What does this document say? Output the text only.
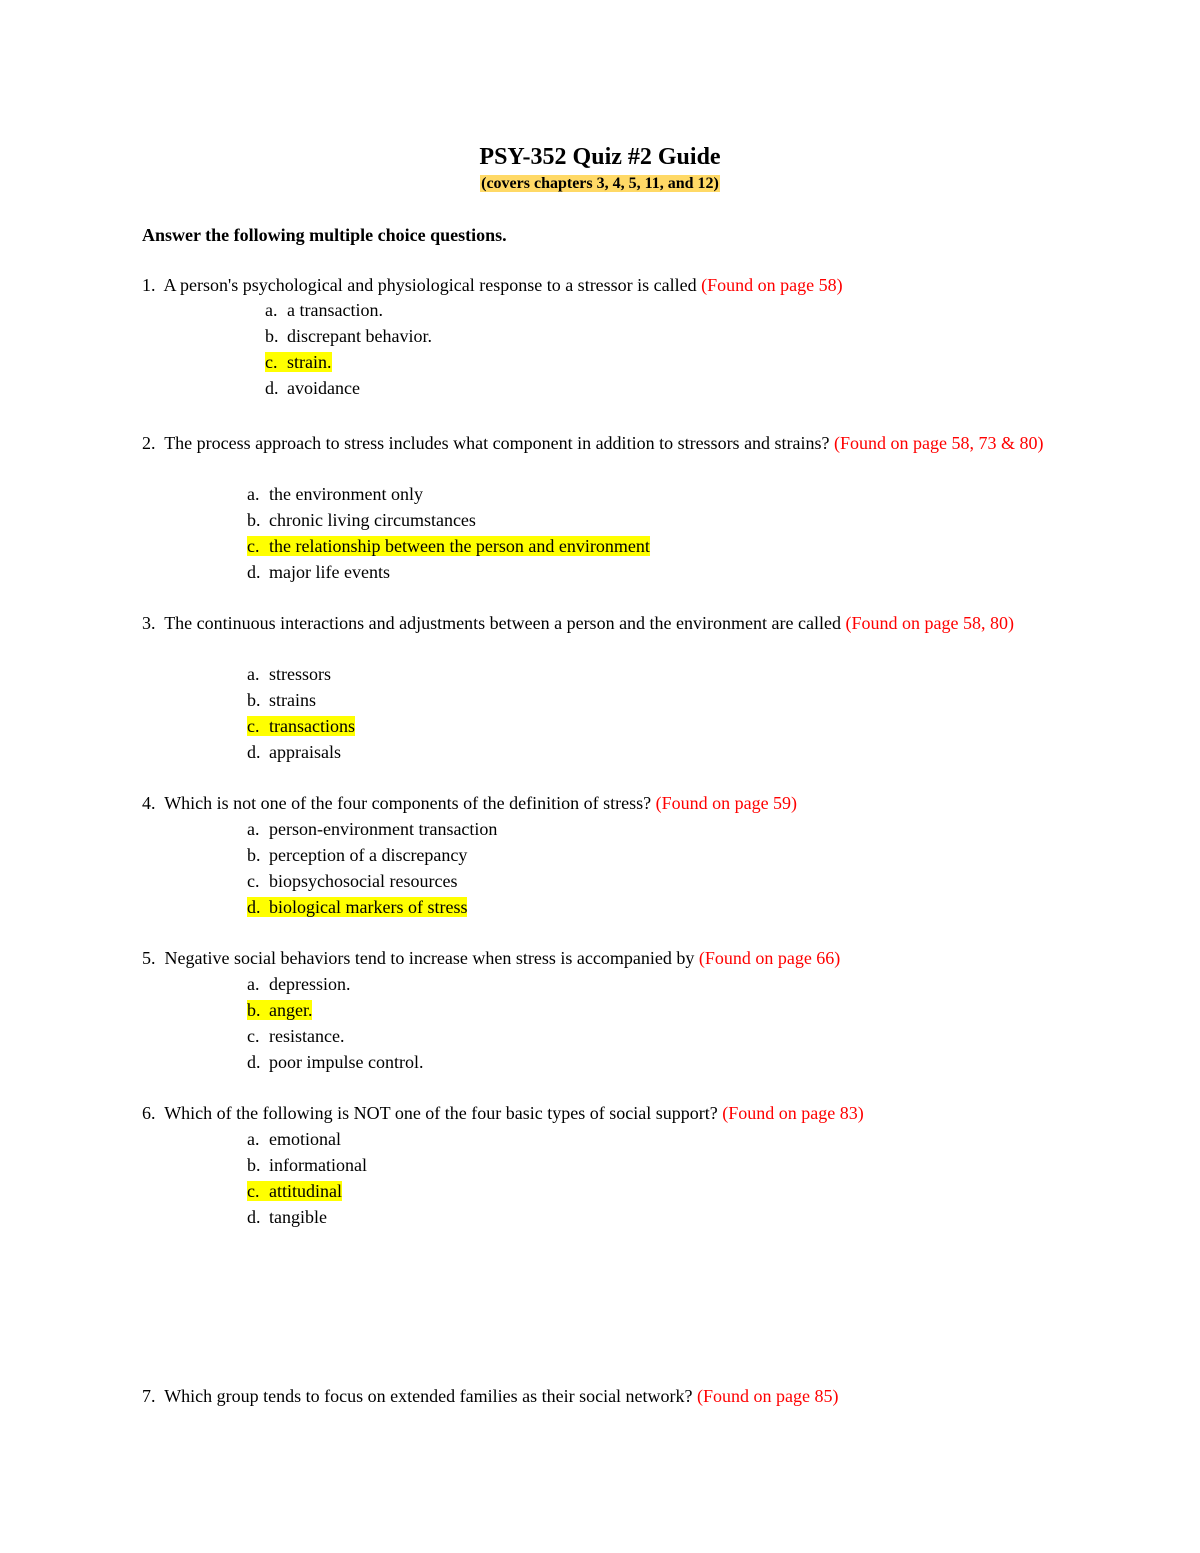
PSY-352 Quiz #2 Guide
(covers chapters 3, 4, 5, 11, and 12)
Answer the following multiple choice questions.
1. A person's psychological and physiological response to a stressor is called (Found on page 58)
a. a transaction.
b. discrepant behavior.
c. strain.
d. avoidance
2. The process approach to stress includes what component in addition to stressors and strains? (Found on page 58, 73 & 80)
a. the environment only
b. chronic living circumstances
c. the relationship between the person and environment
d. major life events
3. The continuous interactions and adjustments between a person and the environment are called (Found on page 58, 80)
a. stressors
b. strains
c. transactions
d. appraisals
4. Which is not one of the four components of the definition of stress? (Found on page 59)
a. person-environment transaction
b. perception of a discrepancy
c. biopsychosocial resources
d. biological markers of stress
5. Negative social behaviors tend to increase when stress is accompanied by (Found on page 66)
a. depression.
b. anger.
c. resistance.
d. poor impulse control.
6. Which of the following is NOT one of the four basic types of social support? (Found on page 83)
a. emotional
b. informational
c. attitudinal
d. tangible
7. Which group tends to focus on extended families as their social network? (Found on page 85)
